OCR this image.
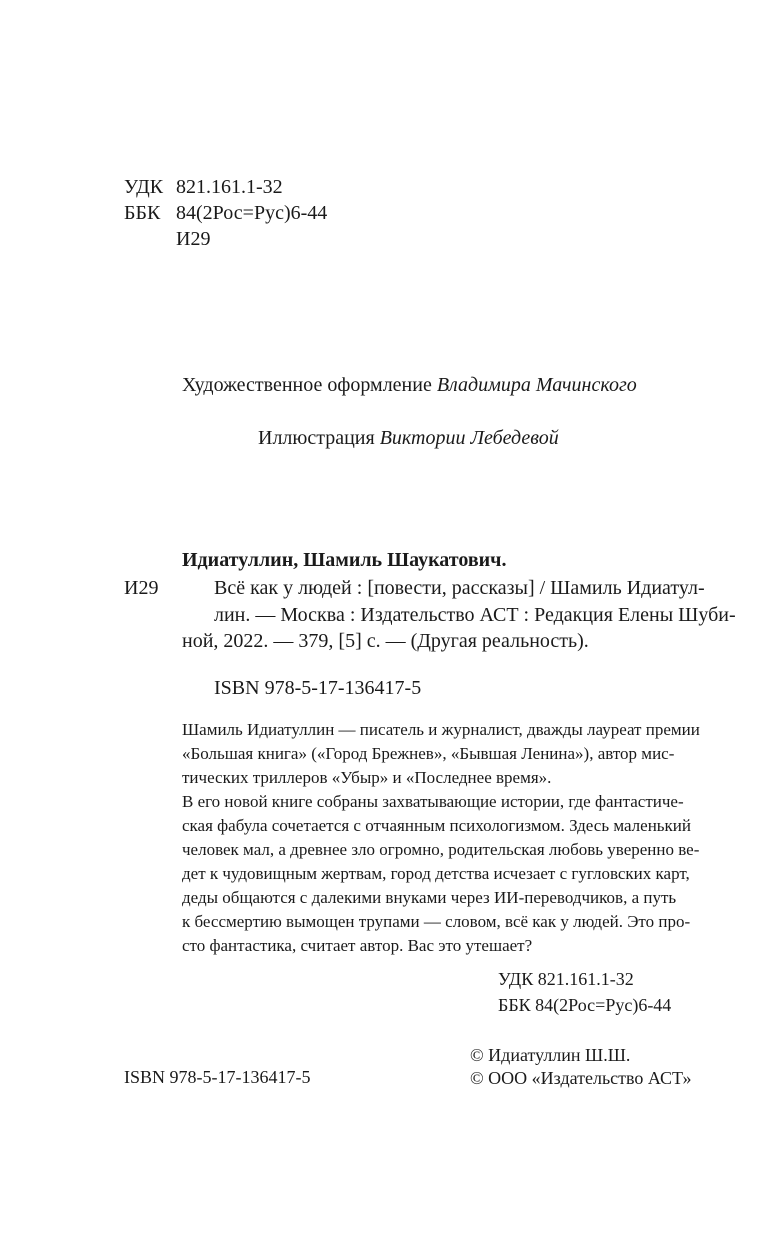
УДК 821.161.1-32
ББК 84(2Рос=Рус)6-44
И29
Художественное оформление Владимира Мачинского
Иллюстрация Виктории Лебедевой
Идиатуллин, Шамиль Шаукатович.
И29	Всё как у людей : [повести, рассказы] / Шамиль Идиатул-
лин. — Москва : Издательство АСТ : Редакция Елены Шуби-
ной, 2022. — 379, [5] с. — (Другая реальность).
ISBN 978-5-17-136417-5
Шамиль Идиатуллин — писатель и журналист, дважды лауреат премии
«Большая книга» («Город Брежнев», «Бывшая Ленина»), автор мис-
тических триллеров «Убыр» и «Последнее время».
В его новой книге собраны захватывающие истории, где фантастиче-
ская фабула сочетается с отчаянным психологизмом. Здесь маленький
человек мал, а древнее зло огромно, родительская любовь уверенно ве-
дет к чудовищным жертвам, город детства исчезает с гугловских карт,
деды общаются с далекими внуками через ИИ-переводчиков, а путь
к бессмертию вымощен трупами — словом, всё как у людей. Это про-
сто фантастика, считает автор. Вас это утешает?
УДК 821.161.1-32
ББК 84(2Рос=Рус)6-44
ISBN 978-5-17-136417-5
© Идиатуллин Ш.Ш.
© ООО «Издательство АСТ»
